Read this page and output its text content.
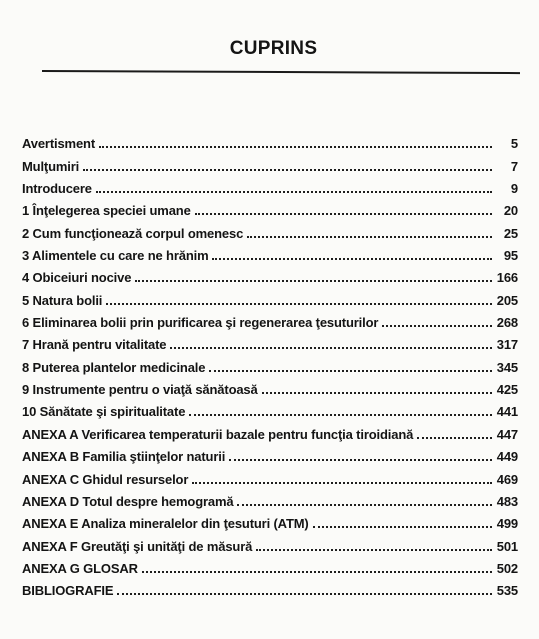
CUPRINS
Avertisment	5
Mulţumiri	7
Introducere	9
1 Înţelegerea speciei umane	20
2 Cum funcţionează corpul omenesc	25
3 Alimentele cu care ne hrănim	95
4 Obiceiuri nocive	166
5 Natura bolii	205
6 Eliminarea bolii prin purificarea şi regenerarea ţesuturilor	268
7 Hrană pentru vitalitate	317
8 Puterea plantelor medicinale	345
9 Instrumente pentru o viaţă sănătoasă	425
10 Sănătate şi spiritualitate	441
ANEXA A Verificarea temperaturii bazale pentru funcţia tiroidiană	447
ANEXA B Familia ştiinţelor naturii	449
ANEXA C Ghidul resurselor	469
ANEXA D Totul despre hemogramă	483
ANEXA E Analiza mineralelor din ţesuturi (ATM)	499
ANEXA F Greutăţi şi unităţi de măsură	501
ANEXA G GLOSAR	502
BIBLIOGRAFIE	535
